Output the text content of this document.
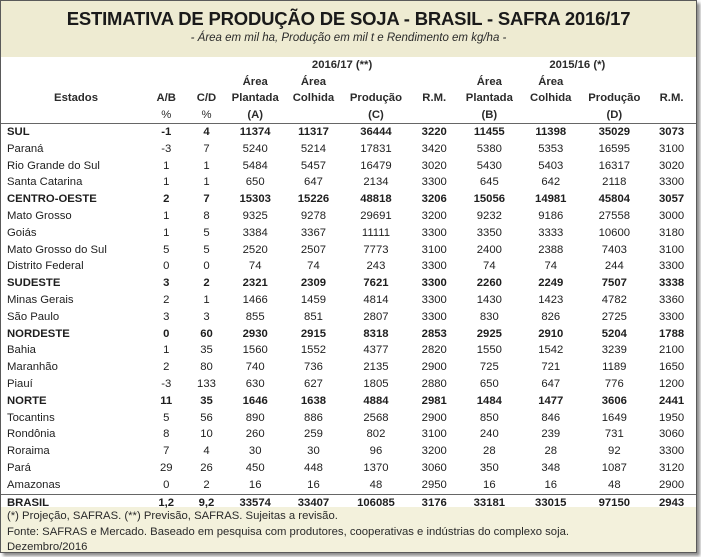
ESTIMATIVA DE PRODUÇÃO DE SOJA - BRASIL - SAFRA 2016/17
- Área em mil ha, Produção em mil t e Rendimento em kg/ha -
			2016/17 (**)				2015/16 (*)			
			Área	Área			Área	Área		
Estados	A/B	C/D	Plantada	Colhida	Produção	R.M.	Plantada	Colhida	Produção	R.M.
	%	%	(A)		(C)		(B)		(D)	
SUL	-1	4	11374	11317	36444	3220	11455	11398	35029	3073
Paraná	-3	7	5240	5214	17831	3420	5380	5353	16595	3100
Rio Grande do Sul	1	1	5484	5457	16479	3020	5430	5403	16317	3020
Santa Catarina	1	1	650	647	2134	3300	645	642	2118	3300
CENTRO-OESTE	2	7	15303	15226	48818	3206	15056	14981	45804	3057
Mato Grosso	1	8	9325	9278	29691	3200	9232	9186	27558	3000
Goiás	1	5	3384	3367	11111	3300	3350	3333	10600	3180
Mato Grosso do Sul	5	5	2520	2507	7773	3100	2400	2388	7403	3100
Distrito Federal	0	0	74	74	243	3300	74	74	244	3300
SUDESTE	3	2	2321	2309	7621	3300	2260	2249	7507	3338
Minas Gerais	2	1	1466	1459	4814	3300	1430	1423	4782	3360
São Paulo	3	3	855	851	2807	3300	830	826	2725	3300
NORDESTE	0	60	2930	2915	8318	2853	2925	2910	5204	1788
Bahia	1	35	1560	1552	4377	2820	1550	1542	3239	2100
Maranhão	2	80	740	736	2135	2900	725	721	1189	1650
Piauí	-3	133	630	627	1805	2880	650	647	776	1200
NORTE	11	35	1646	1638	4884	2981	1484	1477	3606	2441
Tocantins	5	56	890	886	2568	2900	850	846	1649	1950
Rondônia	8	10	260	259	802	3100	240	239	731	3060
Roraima	7	4	30	30	96	3200	28	28	92	3300
Pará	29	26	450	448	1370	3060	350	348	1087	3120
Amazonas	0	2	16	16	48	2950	16	16	48	2900
BRASIL	1,2	9,2	33574	33407	106085	3176	33181	33015	97150	2943
(*) Projeção, SAFRAS. (**) Previsão, SAFRAS. Sujeitas a revisão.
Fonte: SAFRAS e Mercado. Baseado em pesquisa com produtores, cooperativas e indústrias do complexo soja.
Dezembro/2016
